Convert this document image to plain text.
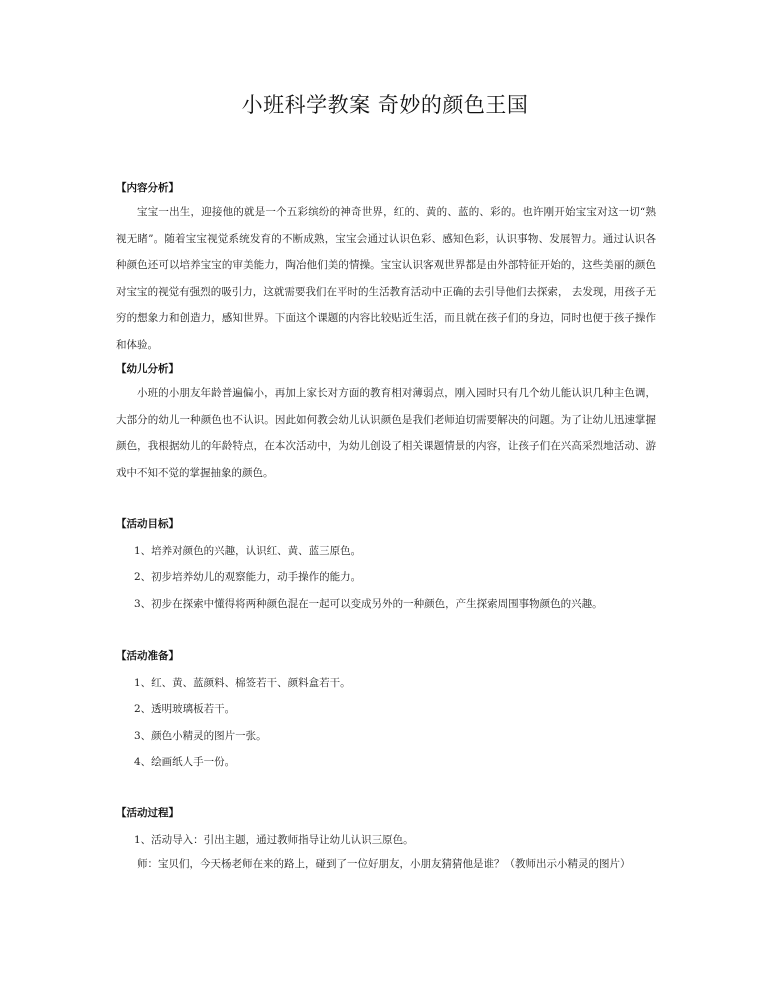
小班科学教案 奇妙的颜色王国
【内容分析】

宝宝一出生，迎接他的就是一个五彩缤纷的神奇世界，红的、黄的、蓝的、彩的。也许刚开始宝宝对这一切“熟视无睹”。随着宝宝视觉系统发育的不断成熟，宝宝会通过认识色彩、感知色彩，认识事物、发展智力。通过认识各种颜色还可以培养宝宝的审美能力，陶冶他们美的情操。宝宝认识客观世界都是由外部特征开始的，这些美丽的颜色对宝宝的视觉有强烈的吸引力，这就需要我们在平时的生活教育活动中正确的去引导他们去探索， 去发现，用孩子无穷的想象力和创造力，感知世界。下面这个课题的内容比较贴近生活，而且就在孩子们的身边，同时也便于孩子操作和体验。

【幼儿分析】

小班的小朋友年龄普遍偏小，再加上家长对方面的教育相对薄弱点，刚入园时只有几个幼儿能认识几种主色调，大部分的幼儿一种颜色也不认识。因此如何教会幼儿认识颜色是我们老师迫切需要解决的问题。为了让幼儿迅速掌握颜色，我根据幼儿的年龄特点，在本次活动中，为幼儿创设了相关课题情景的内容，让孩子们在兴高采烈地活动、游戏中不知不觉的掌握抽象的颜色。

【活动目标】

1、培养对颜色的兴趣，认识红、黄、蓝三原色。

2、初步培养幼儿的观察能力，动手操作的能力。

3、初步在探索中懂得将两种颜色混在一起可以变成另外的一种颜色，产生探索周围事物颜色的兴趣。

【活动准备】

1、红、黄、蓝颜料、棉签若干、颜料盒若干。

2、透明玻璃板若干。

3、颜色小精灵的图片一张。

4、绘画纸人手一份。

【活动过程】

1、活动导入：引出主题，通过教师指导让幼儿认识三原色。

师：宝贝们，今天杨老师在来的路上，碰到了一位好朋友，小朋友猜猜他是谁？（教师出示小精灵的图片）
